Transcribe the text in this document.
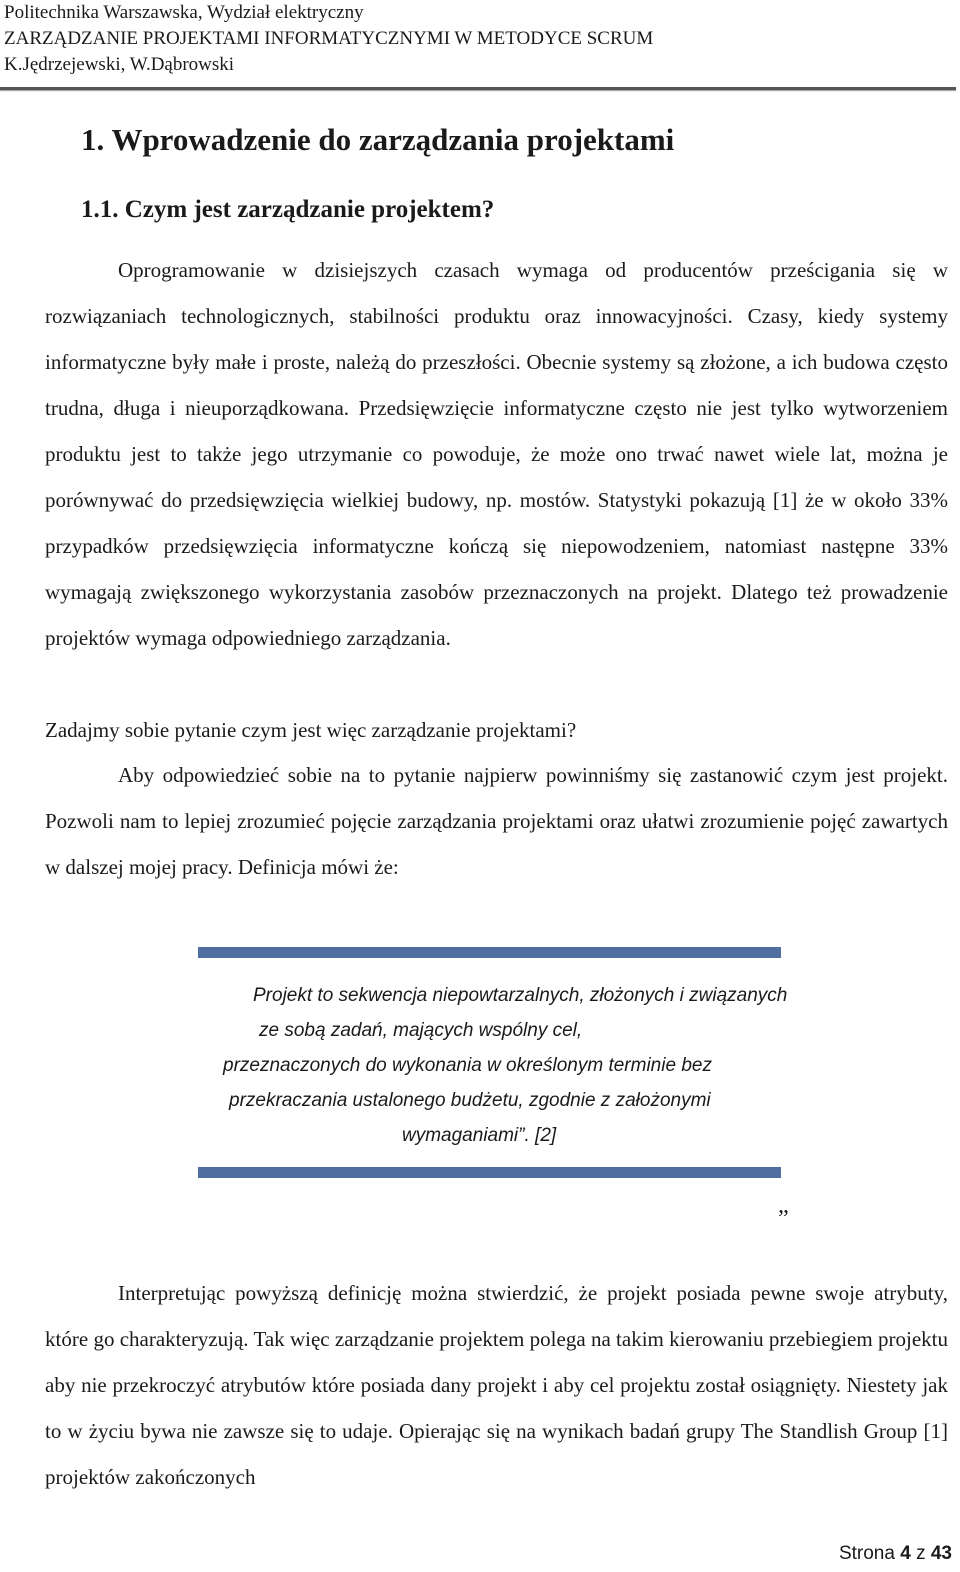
Politechnika Warszawska, Wydział elektryczny
ZARZĄDZANIE PROJEKTAMI INFORMATYCZNYMI W METODYCE SCRUM
K.Jędrzejewski, W.Dąbrowski
1. Wprowadzenie do zarządzania projektami
1.1. Czym jest zarządzanie projektem?
Oprogramowanie w dzisiejszych czasach wymaga od producentów prześcigania się w rozwiązaniach technologicznych, stabilności produktu oraz innowacyjności. Czasy, kiedy systemy informatyczne były małe i proste, należą do przeszłości. Obecnie systemy są złożone, a ich budowa często trudna, długa i nieuporządkowana. Przedsięwzięcie informatyczne często nie jest tylko wytworzeniem produktu jest to także jego utrzymanie co powoduje, że może ono trwać nawet wiele lat, można je porównywać do przedsięwzięcia wielkiej budowy, np. mostów. Statystyki pokazują [1] że w około 33% przypadków przedsięwzięcia informatyczne kończą się niepowodzeniem, natomiast następne 33% wymagają zwiększonego wykorzystania zasobów przeznaczonych na projekt. Dlatego też prowadzenie projektów wymaga odpowiedniego zarządzania.
Zadajmy sobie pytanie czym jest więc zarządzanie projektami?
Aby odpowiedzieć sobie na to pytanie najpierw powinniśmy się zastanowić czym jest projekt. Pozwoli nam to lepiej zrozumieć pojęcie zarządzania projektami oraz ułatwi zrozumienie pojęć zawartych w dalszej mojej pracy. Definicja mówi że:
Projekt to sekwencja niepowtarzalnych, złożonych i związanych
ze sobą zadań, mających wspólny cel,
przeznaczonych do wykonania w określonym terminie bez
przekraczania ustalonego budżetu, zgodnie z założonymi
wymaganiami”. [2]
”
Interpretując powyższą definicję można stwierdzić, że projekt posiada pewne swoje atrybuty, które go charakteryzują. Tak więc zarządzanie projektem polega na takim kierowaniu przebiegiem projektu aby nie przekroczyć atrybutów które posiada dany projekt i aby cel projektu został osiągnięty. Niestety jak to w życiu bywa nie zawsze się to udaje. Opierając się na wynikach badań grupy The Standlish Group [1] projektów zakończonych
Strona 4 z 43
